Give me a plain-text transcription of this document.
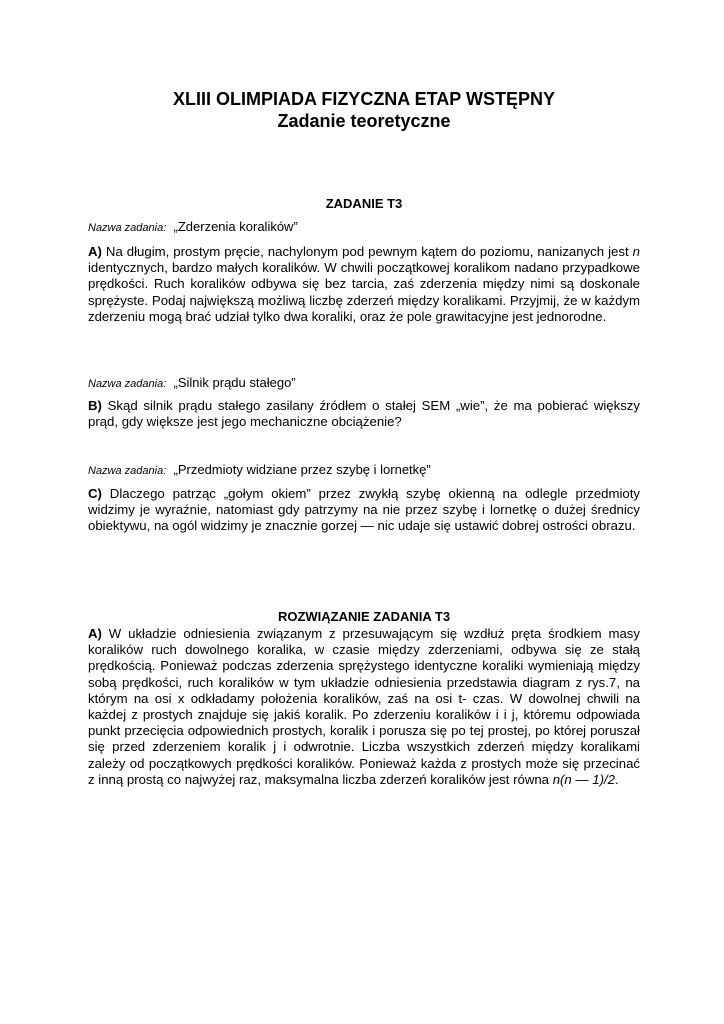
XLIII OLIMPIADA FIZYCZNA ETAP WSTĘPNY
Zadanie teoretyczne
ZADANIE T3

Nazwa zadania: „Zderzenia koralików”

A) Na długim, prostym pręcie, nachylonym pod pewnym kątem do poziomu, nanizanych jest n identycznych, bardzo małych koralików. W chwili początkowej koralikom nadano przypadkowe prędkości. Ruch koralików odbywa się bez tarcia, zaś zderzenia między nimi są doskonale sprężyste. Podaj największą możliwą liczbę zderzeń między koralikami. Przyjmij, że w każdym zderzeniu mogą brać udział tylko dwa koraliki, oraz że pole grawitacyjne jest jednorodne.

Nazwa zadania: „Silnik prądu stałego”

B) Skąd silnik prądu stałego zasilany źródłem o stałej SEM „wie”, że ma pobierać większy prąd, gdy większe jest jego mechaniczne obciążenie?

Nazwa zadania: „Przedmioty widziane przez szybę i lornetkę”

C) Dlaczego patrząc „gołym okiem” przez zwykłą szybę okienną na odlegle przedmioty widzimy je wyraźnie, natomiast gdy patrzymy na nie przez szybę i lornetkę o dużej średnicy obiektywu, na ogól widzimy je znacznie gorzej — nic udaje się ustawić dobrej ostrości obrazu.

ROZWIĄZANIE ZADANIA T3

A) W układzie odniesienia związanym z przesuwającym się wzdłuż pręta środkiem masy koralików ruch dowolnego koralika, w czasie między zderzeniami, odbywa się ze stałą prędkością. Ponieważ podczas zderzenia sprężystego identyczne koraliki wymieniają między sobą prędkości, ruch koralików w tym układzie odniesienia przedstawia diagram z rys.7, na którym na osi x odkładamy położenia koralików, zaś na osi t- czas. W dowolnej chwili na każdej z prostych znajduje się jakiś koralik. Po zderzeniu koralików i i j, któremu odpowiada punkt przecięcia odpowiednich prostych, koralik i porusza się po tej prostej, po której poruszał się przed zderzeniem koralik j i odwrotnie. Liczba wszystkich zderzeń między koralikami zależy od początkowych prędkości koralików. Ponieważ każda z prostych może się przecinać z inną prostą co najwyżej raz, maksymalna liczba zderzeń koralików jest równa n(n — 1)/2.
